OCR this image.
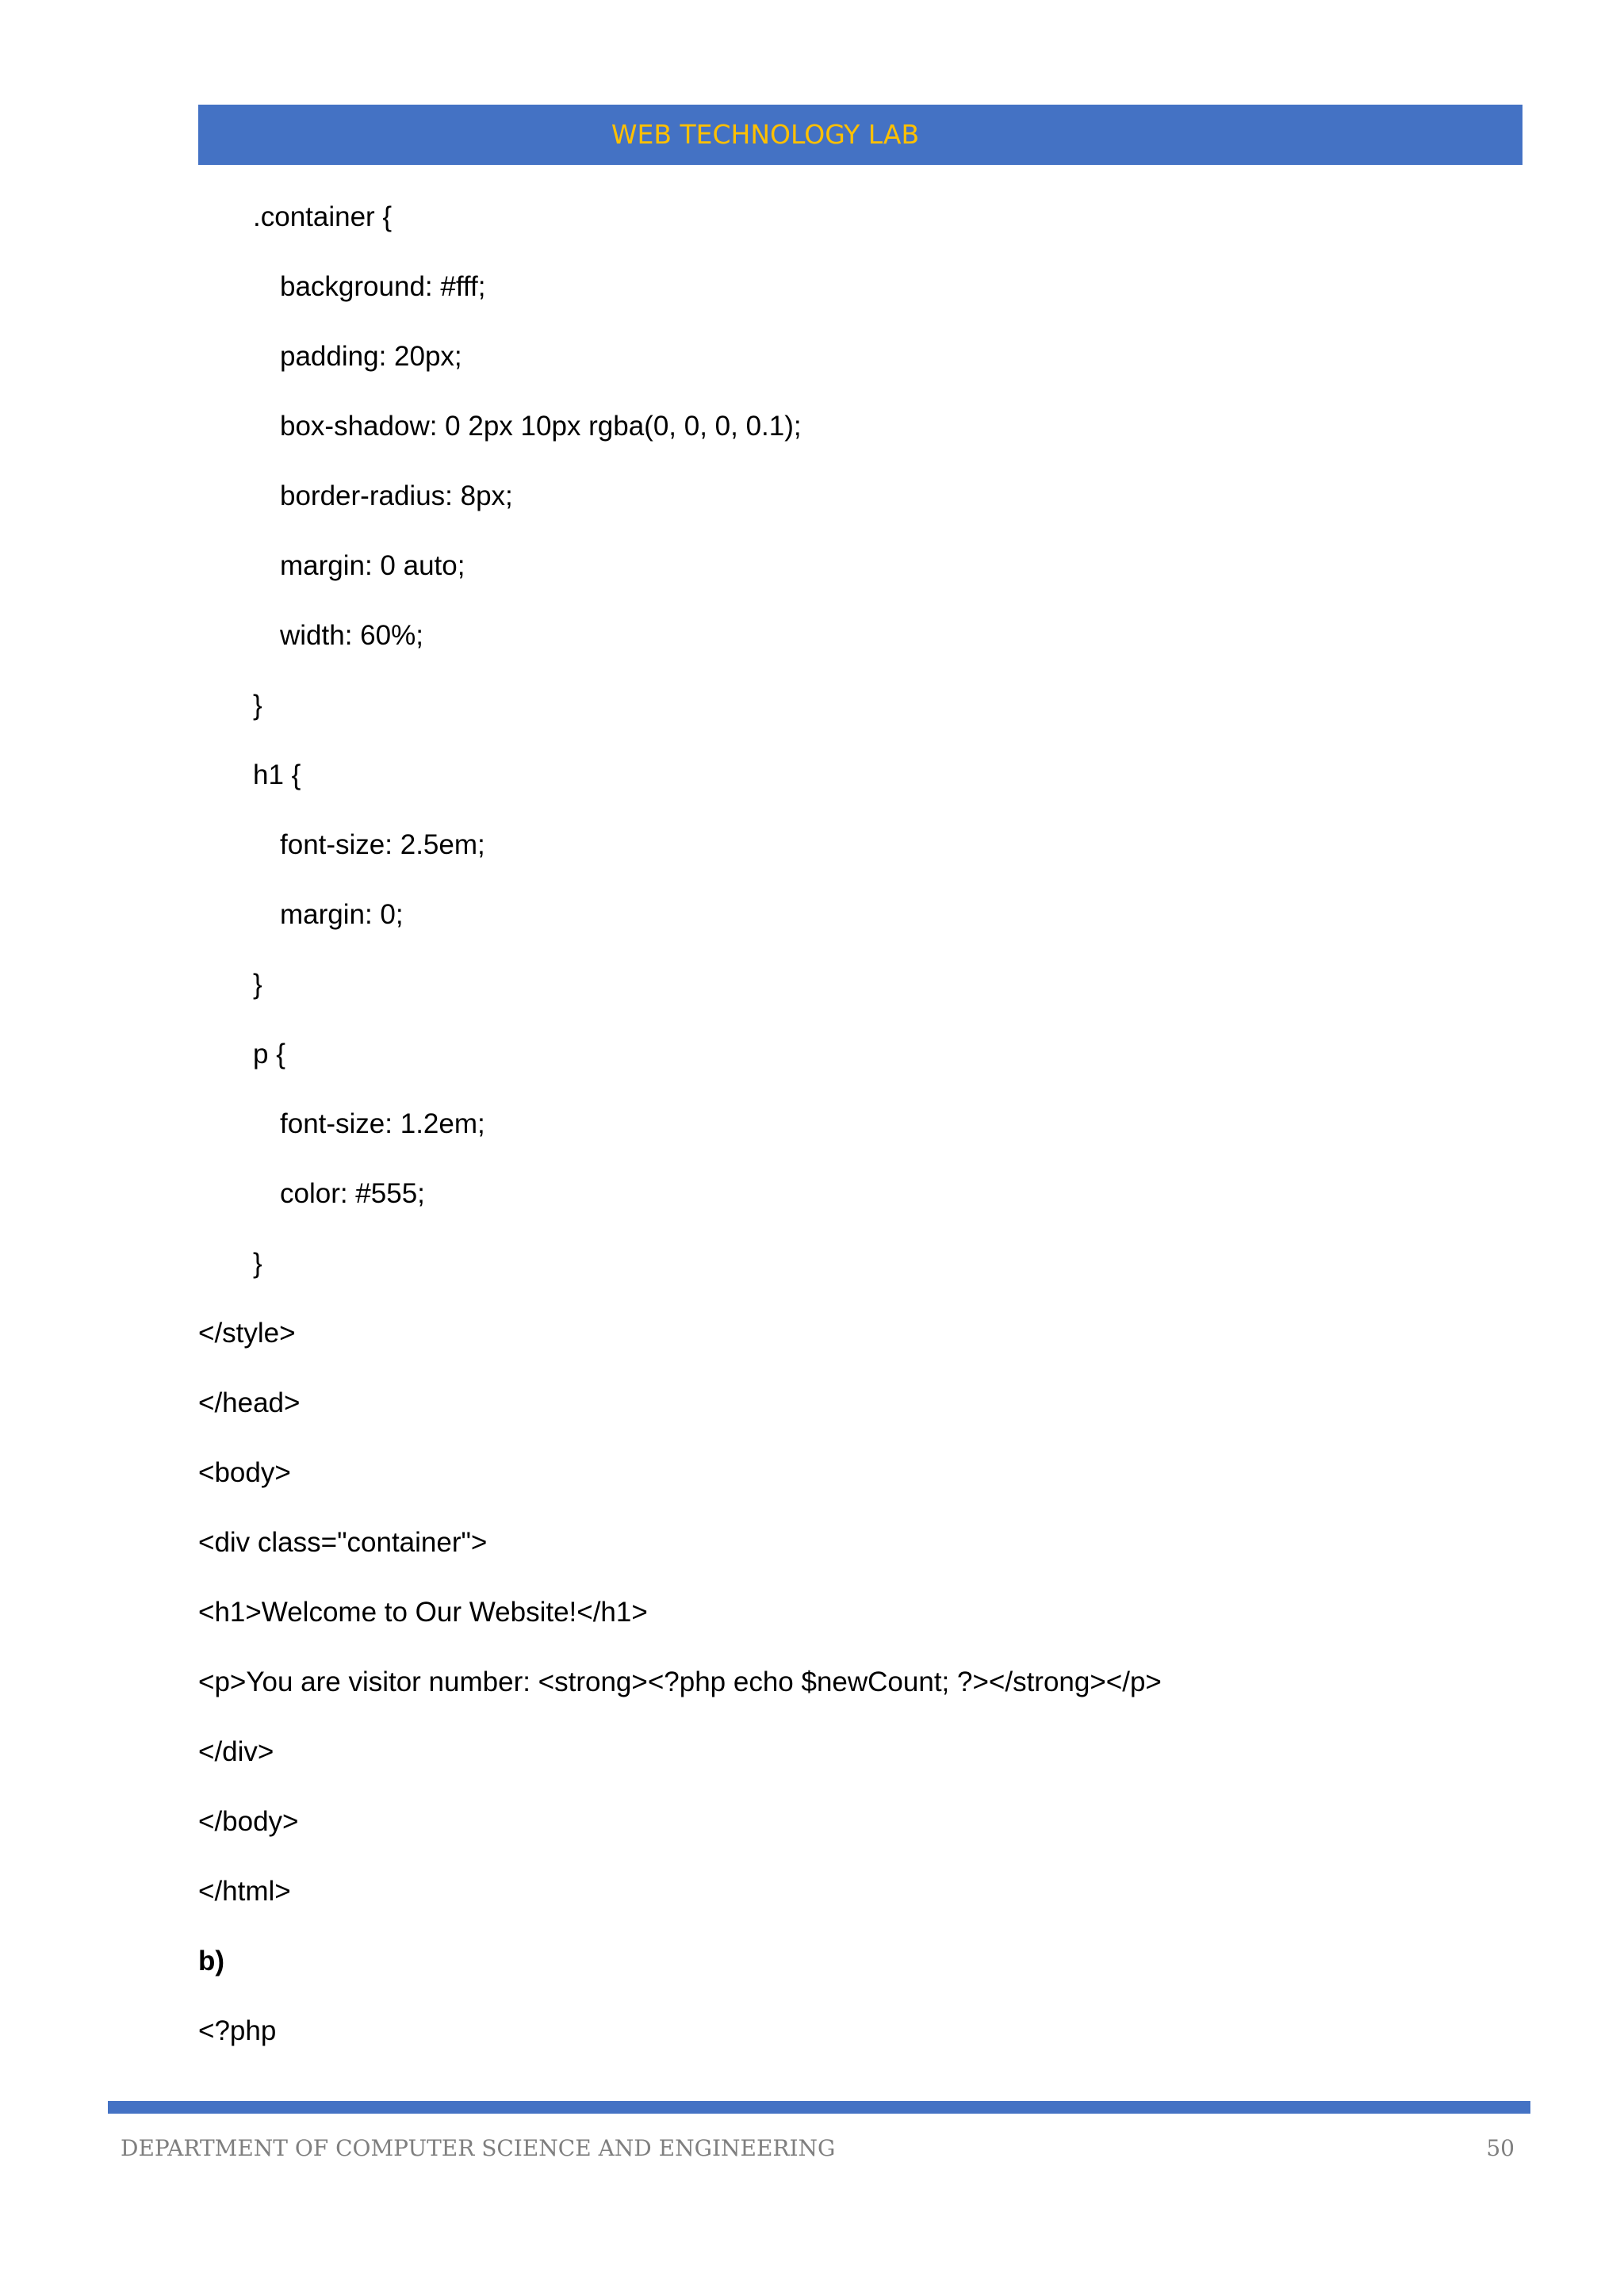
WEB TECHNOLOGY LAB
.container {
background: #fff;
padding: 20px;
box-shadow: 0 2px 10px rgba(0, 0, 0, 0.1);
border-radius: 8px;
margin: 0 auto;
width: 60%;
}
h1 {
font-size: 2.5em;
margin: 0;
}
p {
font-size: 1.2em;
color: #555;
}
</style>
</head>
<body>
<div class="container">
<h1>Welcome to Our Website!</h1>
<p>You are visitor number: <strong><?php echo $newCount; ?></strong></p>
</div>
</body>
</html>
b)
<?php
DEPARTMENT OF COMPUTER SCIENCE AND ENGINEERING	50
